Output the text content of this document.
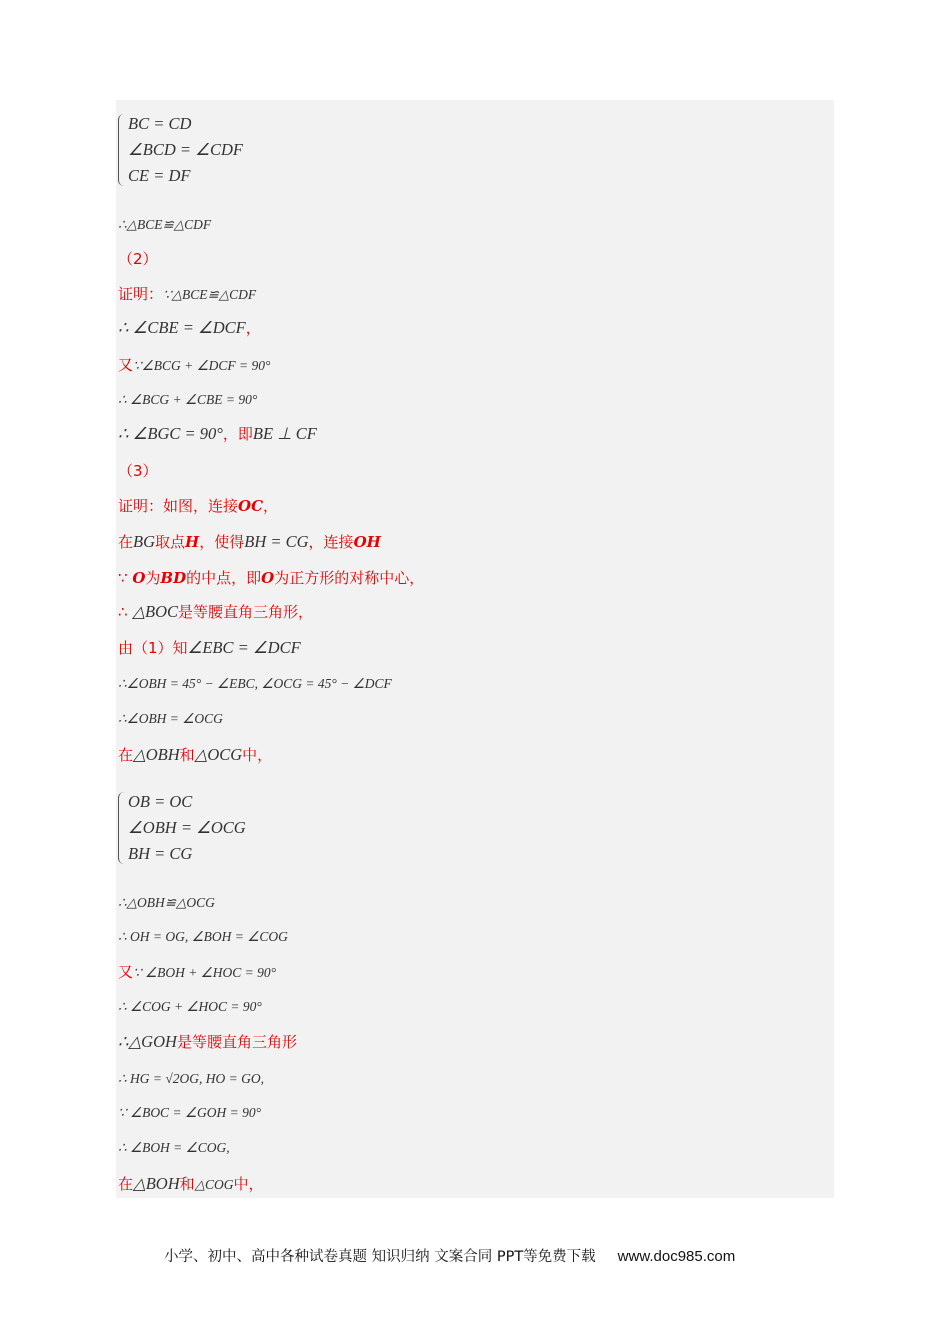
BC = CD
∠BCD = ∠CDF
CE = DF
∴△BCE≌△CDF
（2）
证明：∵△BCE≌△CDF
∴ ∠CBE = ∠DCF，
又∵∠BCG + ∠DCF = 90°
∴ ∠BCG + ∠CBE = 90°
∴ ∠BGC = 90°，即BE ⊥ CF
（3）
证明：如图，连接OC，
在BG取点H，使得BH = CG，连接OH
∵ O为BD的中点，即O为正方形的对称中心，
∴ △BOC是等腰直角三角形，
由（1）知∠EBC = ∠DCF
∴∠OBH = 45° − ∠EBC, ∠OCG = 45° − ∠DCF
∴∠OBH = ∠OCG
在△OBH和△OCG中，
OB = OC
∠OBH = ∠OCG
BH = CG
∴△OBH≌△OCG
∴ OH = OG, ∠BOH = ∠COG
又∵ ∠BOH + ∠HOC = 90°
∴ ∠COG + ∠HOC = 90°
∴△GOH是等腰直角三角形
∴ HG = √2OG, HO = GO,
∵ ∠BOC = ∠GOH = 90°
∴ ∠BOH = ∠COG,
在△BOH和△COG中，
小学、初中、高中各种试卷真题 知识归纳 文案合同 PPT等免费下载 www.doc985.com
